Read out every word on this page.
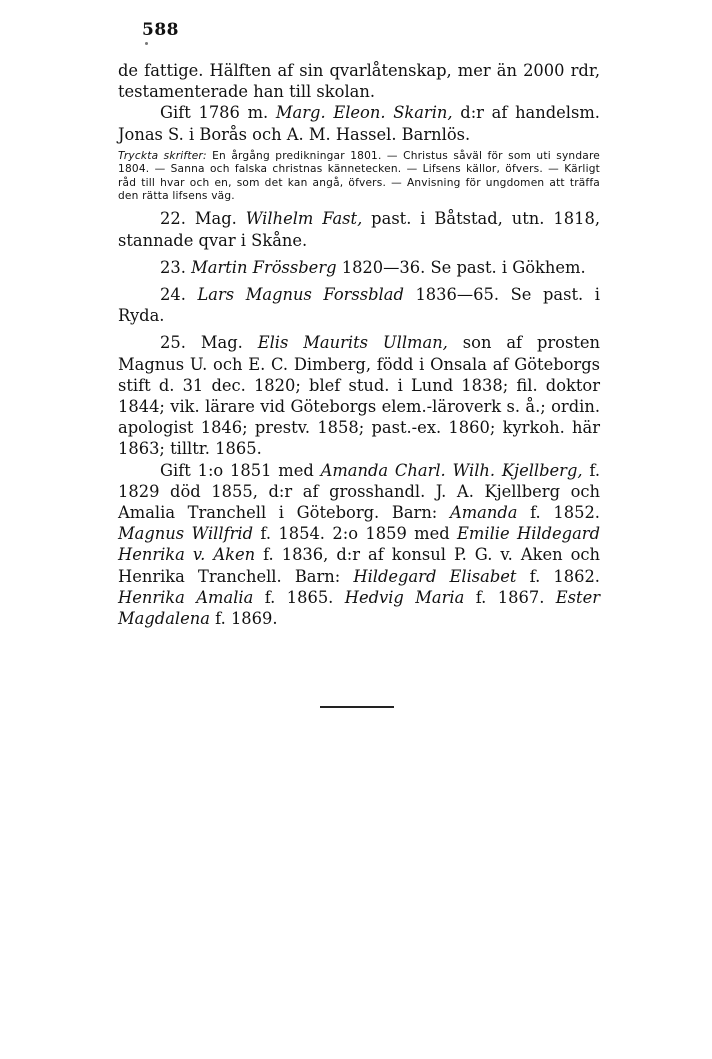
588

de fattige. Hälften af sin qvarlåtenskap, mer än 2000 rdr, testamenterade han till skolan.

Gift 1786 m. Marg. Eleon. Skarin, d:r af handelsm. Jonas S. i Borås och A. M. Hassel. Barnlös.

Tryckta skrifter: En årgång predikningar 1801. — Christus såväl för som uti syndare 1804. — Sanna och falska christnas kännetecken. — Lifsens källor, öfvers. — Kärligt råd till hvar och en, som det kan angå, öfvers. — Anvisning för ungdomen att träffa den rätta lifsens väg.

22. Mag. Wilhelm Fast, past. i Båtstad, utn. 1818, stannade qvar i Skåne.

23. Martin Frössberg 1820—36. Se past. i Gökhem.

24. Lars Magnus Forssblad 1836—65. Se past. i Ryda.

25. Mag. Elis Maurits Ullman, son af prosten Magnus U. och E. C. Dimberg, född i Onsala af Göteborgs stift d. 31 dec. 1820; blef stud. i Lund 1838; fil. doktor 1844; vik. lärare vid Göteborgs elem.-läroverk s. å.; ordin. apologist 1846; prestv. 1858; past.-ex. 1860; kyrkoh. här 1863; tilltr. 1865.

Gift 1:o 1851 med Amanda Charl. Wilh. Kjellberg, f. 1829 död 1855, d:r af grosshandl. J. A. Kjellberg och Amalia Tranchell i Göteborg. Barn: Amanda f. 1852. Magnus Willfrid f. 1854. 2:o 1859 med Emilie Hildegard Henrika v. Aken f. 1836, d:r af konsul P. G. v. Aken och Henrika Tranchell. Barn: Hildegard Elisabet f. 1862. Henrika Amalia f. 1865. Hedvig Maria f. 1867. Ester Magdalena f. 1869.
